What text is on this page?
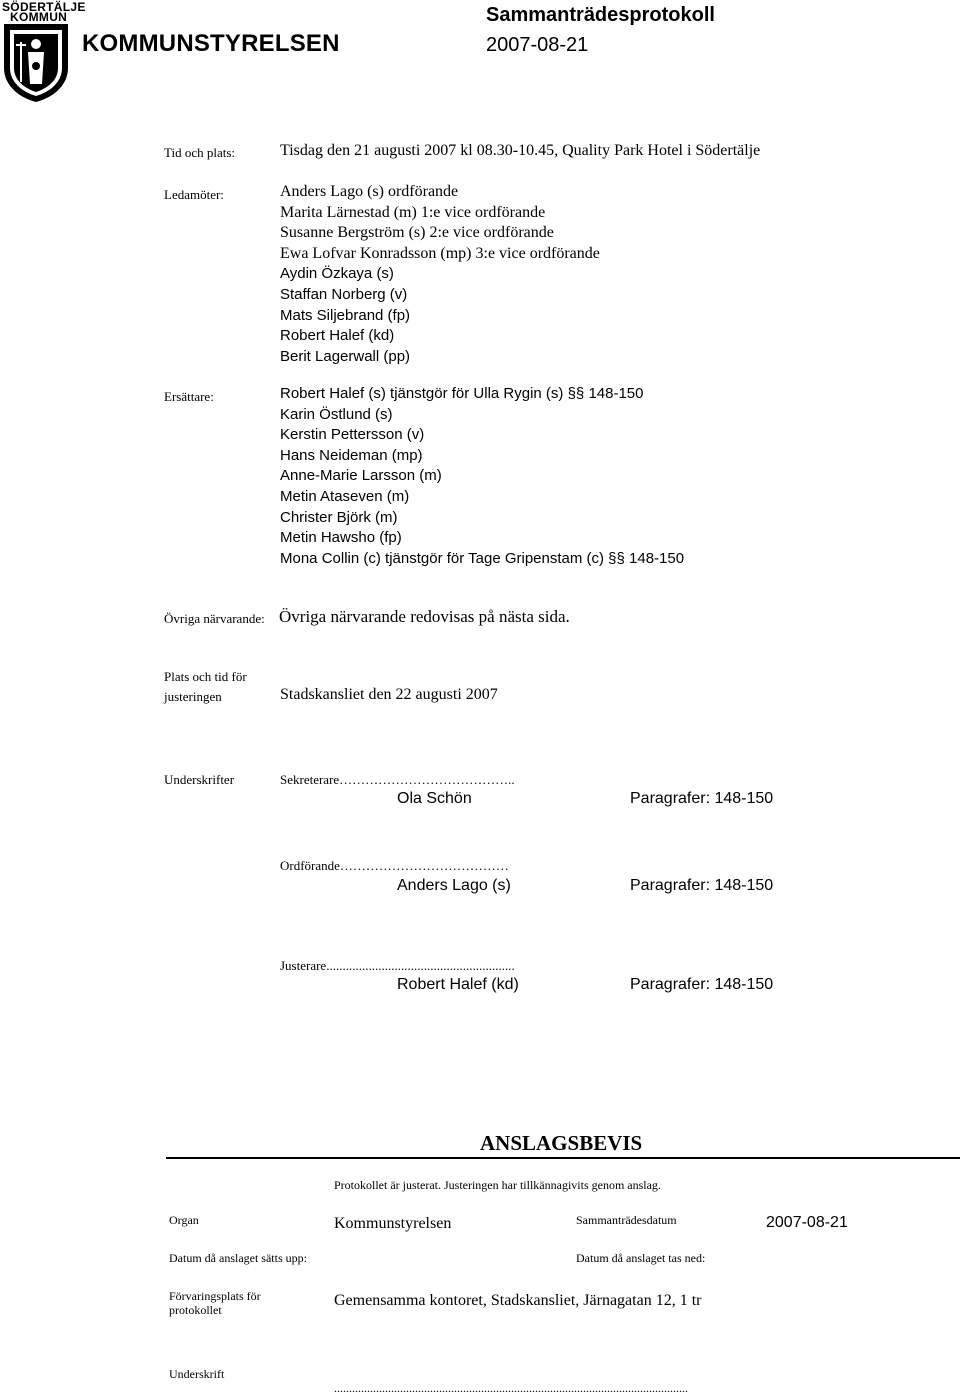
SÖDERTÄLJE
KOMMUN
KOMMUNSTYRELSEN
Sammanträdesprotokoll
2007-08-21
Tid och plats:	Tisdag den 21 augusti 2007 kl 08.30-10.45, Quality Park Hotel i Södertälje
Ledamöter:	Anders Lago (s) ordförande
Marita Lärnestad (m) 1:e vice ordförande
Susanne Bergström (s) 2:e vice ordförande
Ewa Lofvar Konradsson (mp) 3:e vice ordförande
Aydin Özkaya (s)
Staffan Norberg (v)
Mats Siljebrand (fp)
Robert Halef (kd)
Berit Lagerwall (pp)
Ersättare:	Robert Halef (s) tjänstgör för Ulla Rygin (s) §§ 148-150
Karin Östlund (s)
Kerstin Pettersson (v)
Hans Neideman (mp)
Anne-Marie Larsson (m)
Metin Ataseven (m)
Christer Björk (m)
Metin Hawsho (fp)
Mona Collin (c) tjänstgör för Tage Gripenstam (c) §§ 148-150
Övriga närvarande: Övriga närvarande redovisas på nästa sida.
Plats och tid för
justeringen	Stadskansliet den 22 augusti 2007
Underskrifter	Sekreterare…………………………………..
Ola Schön	Paragrafer: 148-150
Ordförande…………………………………
Anders Lago (s)	Paragrafer: 148-150
Justerare..........................................................
Robert Halef (kd)	Paragrafer: 148-150
ANSLAGSBEVIS
Protokollet är justerat. Justeringen har tillkännagivits genom anslag.
Organ	Kommunstyrelsen	Sammanträdesdatum	2007-08-21
Datum då anslaget sätts upp:	Datum då anslaget tas ned:
Förvaringsplats för
protokollet
Gemensamma kontoret, Stadskansliet, Järnagatan 12, 1 tr
Underskrift
......................................................................................................................
